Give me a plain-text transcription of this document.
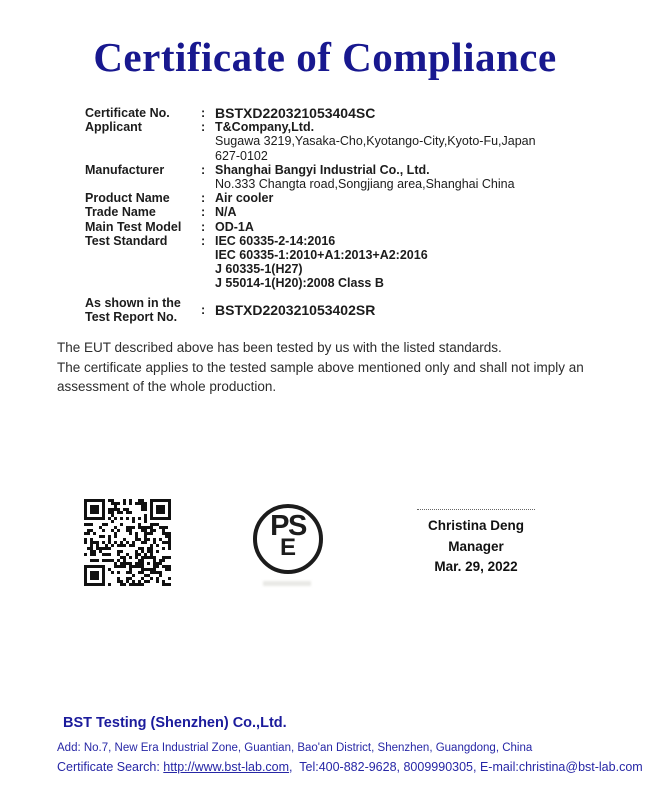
Certificate of Compliance
Certificate No.	: BSTXD220321053404SC
Applicant	: T&Company,Ltd.
Sugawa 3219,Yasaka-Cho,Kyotango-City,Kyoto-Fu,Japan
627-0102
Manufacturer	: Shanghai Bangyi Industrial Co., Ltd.
No.333 Changta road,Songjiang area,Shanghai China
Product Name	: Air cooler
Trade Name	: N/A
Main Test Model	: OD-1A
Test Standard	: IEC 60335-2-14:2016
IEC 60335-1:2010+A1:2013+A2:2016
J 60335-1(H27)
J 55014-1(H20):2008 Class B
As shown in the
Test Report No.
: BSTXD220321053402SR
The EUT described above has been tested by us with the listed standards.
The certificate applies to the tested sample above mentioned only and shall not imply an assessment of the whole production.
PS
E
Christina Deng
Manager
Mar. 29, 2022
BST Testing (Shenzhen) Co.,Ltd.
Add: No.7, New Era Industrial Zone, Guantian, Bao'an District, Shenzhen, Guangdong, China
Certificate Search: http://www.bst-lab.com,  Tel:400-882-9628, 8009990305, E-mail:christina@bst-lab.com
